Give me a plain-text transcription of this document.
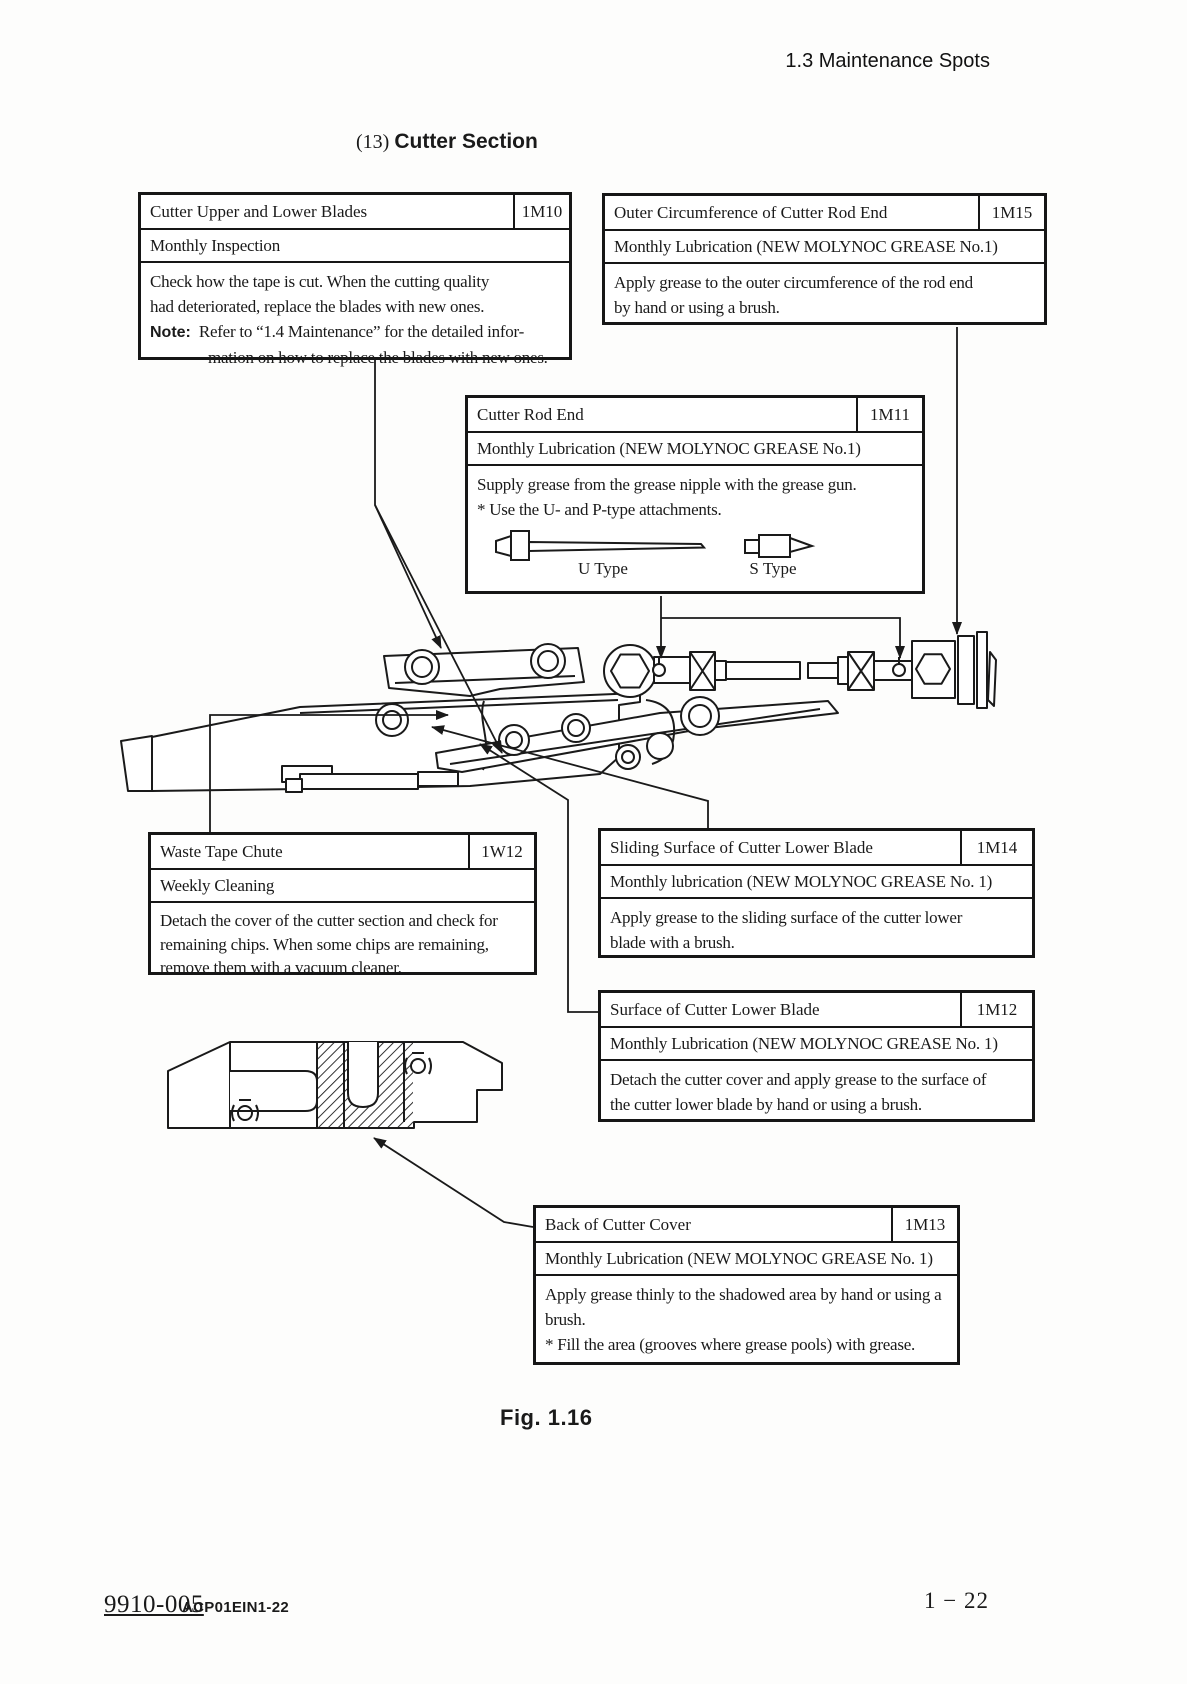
1.3 Maintenance Spots
(13) Cutter Section
Cutter Upper and Lower Blades	1M10
Monthly Inspection
Check how the tape is cut. When the cutting quality
had deteriorated, replace the blades with new ones.
Note: Refer to “1.4 Maintenance” for the detailed infor-
mation on how to replace the blades with new ones.
Outer Circumference of Cutter Rod End	1M15
Monthly Lubrication (NEW MOLYNOC GREASE No.1)
Apply grease to the outer circumference of the rod end
by hand or using a brush.
Cutter Rod End	1M11
Monthly Lubrication (NEW MOLYNOC GREASE No.1)
Supply grease from the grease nipple with the grease gun.
* Use the U- and P-type attachments.
U Type	S Type
Waste Tape Chute	1W12
Weekly Cleaning
Detach the cover of the cutter section and check for
remaining chips. When some chips are remaining,
remove them with a vacuum cleaner.
Sliding Surface of Cutter Lower Blade	1M14
Monthly lubrication (NEW MOLYNOC GREASE No. 1)
Apply grease to the sliding surface of the cutter lower
blade with a brush.
Surface of Cutter Lower Blade	1M12
Monthly Lubrication (NEW MOLYNOC GREASE No. 1)
Detach the cutter cover and apply grease to the surface of
the cutter lower blade by hand or using a brush.
Back of Cutter Cover	1M13
Monthly Lubrication (NEW MOLYNOC GREASE No. 1)
Apply grease thinly to the shadowed area by hand or using a
brush.
* Fill the area (grooves where grease pools) with grease.
Fig. 1.16
9910-005
ACP01EIN1-22	1 − 22
